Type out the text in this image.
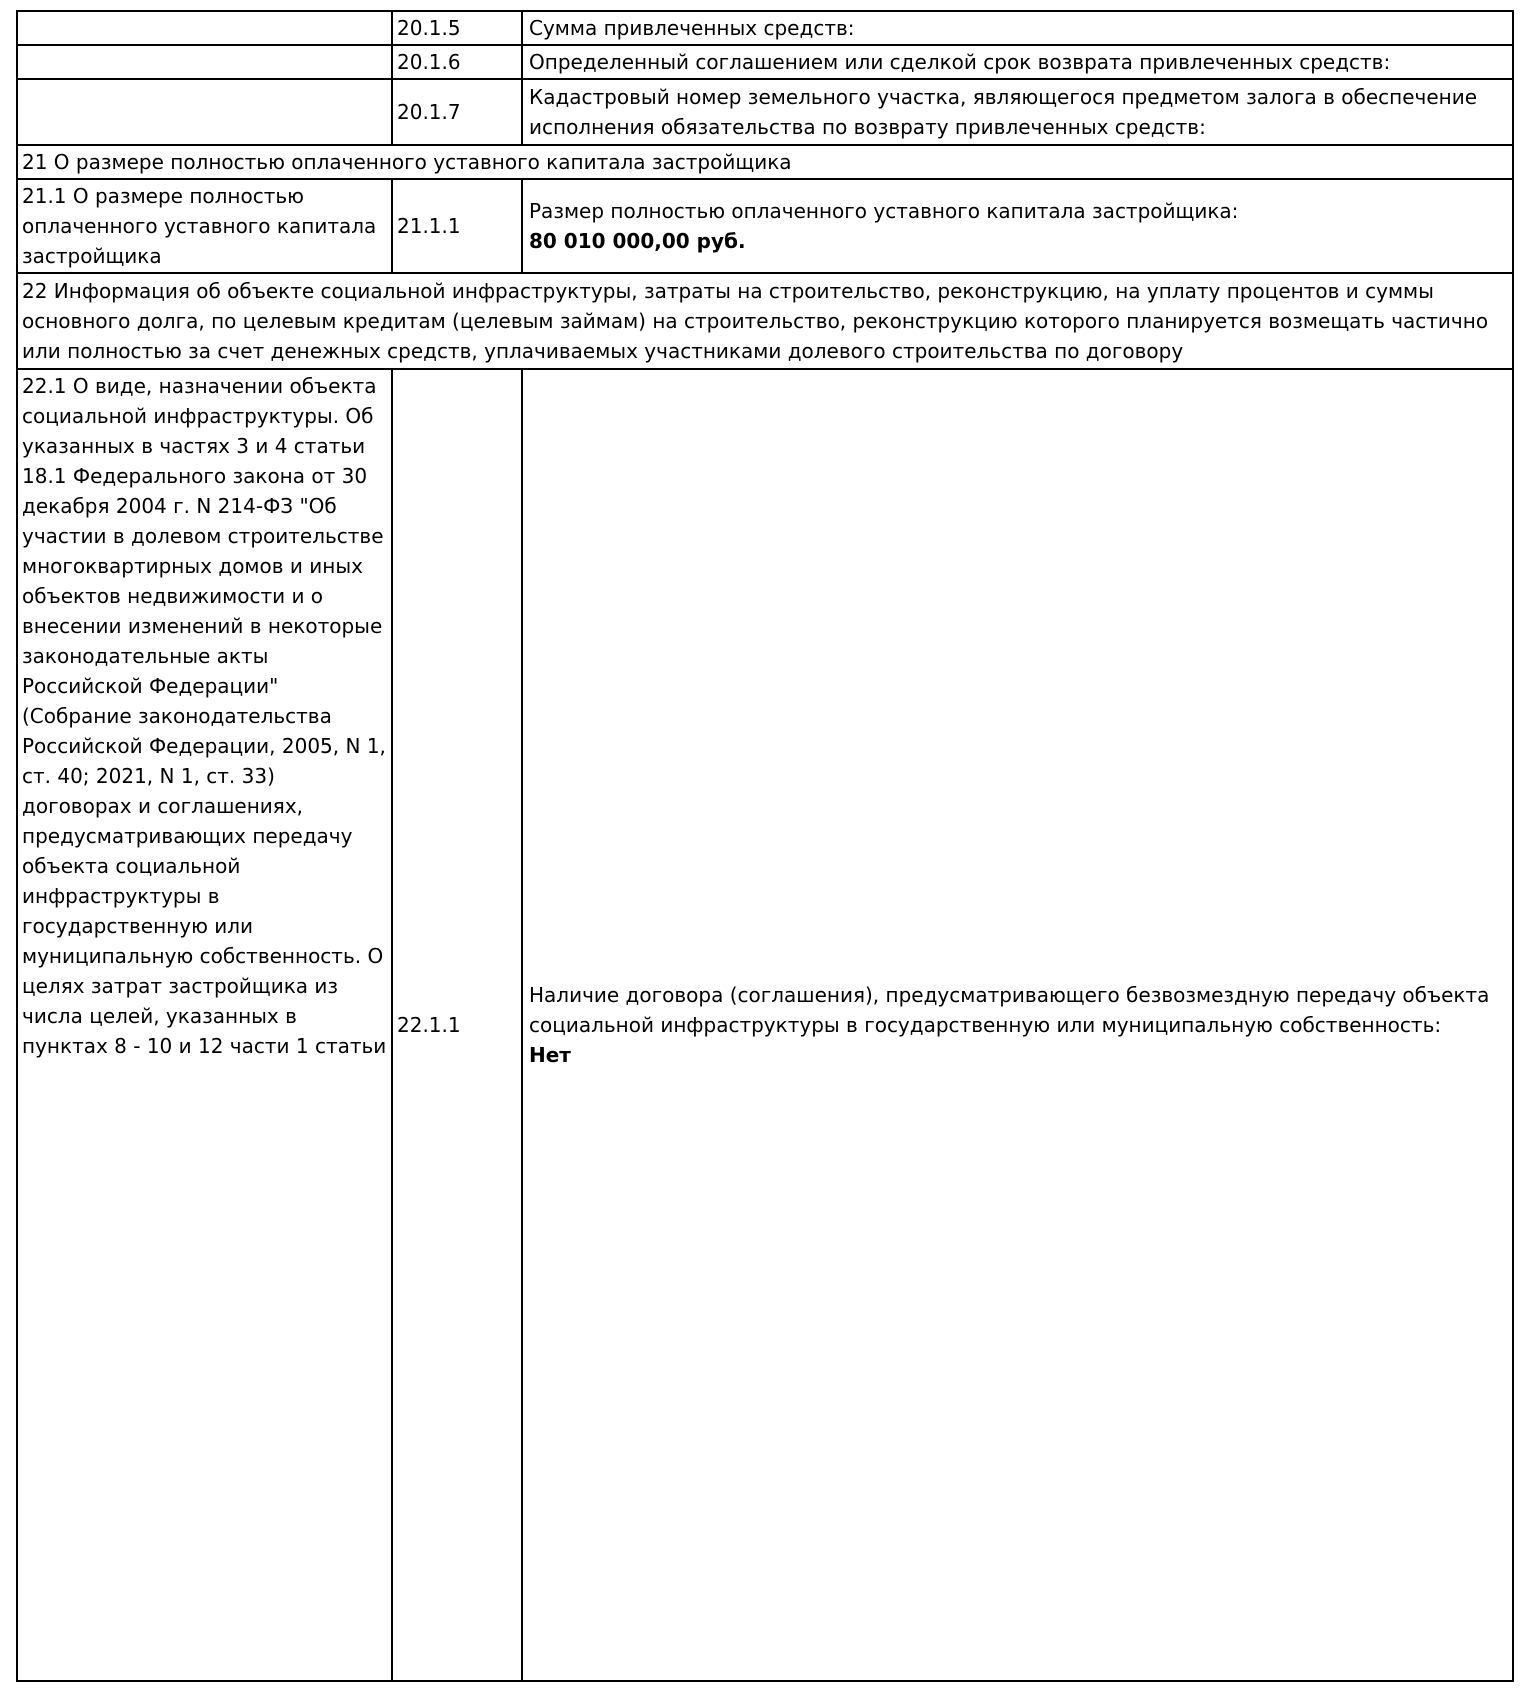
	20.1.5	Сумма привлеченных средств:
	20.1.6	Определенный соглашением или сделкой срок возврата привлеченных средств:
	20.1.7	Кадастровый номер земельного участка, являющегося предметом залога в обеспечение исполнения обязательства по возврату привлеченных средств:
21 О размере полностью оплаченного уставного капитала застройщика		
21.1 О размере полностью оплаченного уставного капитала застройщика	21.1.1	Размер полностью оплаченного уставного капитала застройщика:
80 010 000,00 руб.

22 Информация об объекте социальной инфраструктуры, затраты на строительство, реконструкцию, на уплату процентов и суммы основного долга, по целевым кредитам (целевым займам) на строительство, реконструкцию которого планируется возмещать частично или полностью за счет денежных средств, уплачиваемых участниками долевого строительства по договору		
22.1 О виде, назначении объекта социальной инфраструктуры. Об указанных в частях 3 и 4 статьи 18.1 Федерального закона от 30 декабря 2004 г. N 214-ФЗ "Об участии в долевом строительстве многоквартирных домов и иных объектов недвижимости и о внесении изменений в некоторые законодательные акты Российской Федерации" (Собрание законодательства Российской Федерации, 2005, N 1, ст. 40; 2021, N 1, ст. 33) договорах и соглашениях, предусматривающих передачу объекта социальной инфраструктуры в государственную или муниципальную собственность. О целях затрат застройщика из числа целей, указанных в пунктах 8 - 10 и 12 части 1 статьи	22.1.1	Наличие договора (соглашения), предусматривающего безвозмездную передачу объекта социальной инфраструктуры в государственную или муниципальную собственность:
Нет
